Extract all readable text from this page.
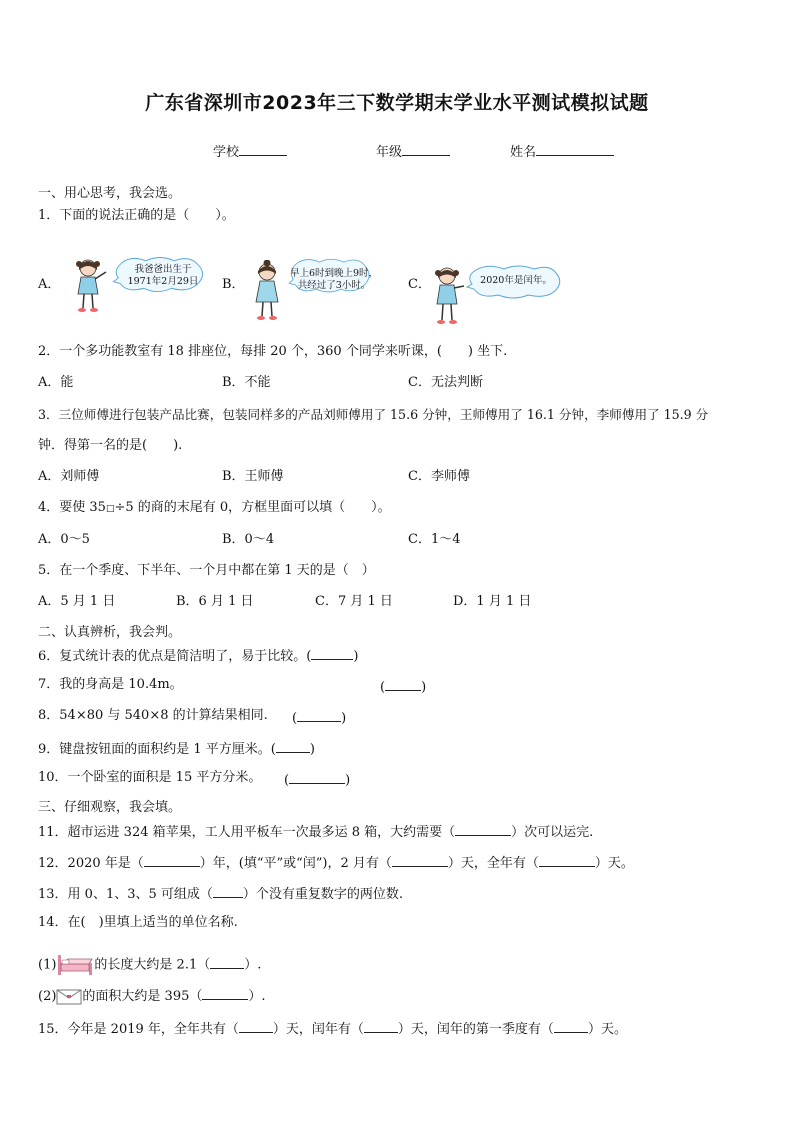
广东省深圳市2023年三下数学期末学业水平测试模拟试题
学校	年级	姓名
一、用心思考，我会选。
1．下面的说法正确的是（　　）。
A．
我爸爸出生于
1971年2月29日	B．
早上6时到晚上9时，
共经过了3小时。	C．	2020年是闰年。
2．一个多功能教室有 18 排座位，每排 20 个，360 个同学来听课，(　　) 坐下.
A．能	B．不能	C．无法判断
3．三位师傅进行包装产品比赛，包装同样多的产品刘师傅用了 15.6 分钟，王师傅用了 16.1 分钟，李师傅用了 15.9 分
钟．得第一名的是(　　).
A．刘师傅	B．王师傅	C．李师傅
4．要使 35□÷5 的商的末尾有 0，方框里面可以填（　　）。
A．0～5	B．0～4	C．1～4
5．在一个季度、下半年、一个月中都在第 1 天的是（　）
A．5 月 1 日	B．6 月 1 日	C．7 月 1 日	D．1 月 1 日
二、认真辨析，我会判。
6．复式统计表的优点是简洁明了，易于比较。(	)
7．我的身高是 10.4m。	(	)
8．54×80 与 540×8 的计算结果相同. (	)
9．键盘按钮面的面积约是 1 平方厘米。(	)
10．一个卧室的面积是 15 平方分米。 (	)
三、仔细观察，我会填。
11．超市运进 324 箱苹果，工人用平板车一次最多运 8 箱，大约需要（	）次可以运完.
12．2020 年是（	）年，(填“平”或“闰”)，2 月有（	）天，全年有（	）天。
13．用 0、1、3、5 可组成（ ）个没有重复数字的两位数.
14．在(　)里填上适当的单位名称.
(1)	的长度大约是 2.1（	）.
(2) 的面积大约是 395（	）.
15．今年是 2019 年，全年共有（	）天，闰年有（	）天，闰年的第一季度有（	）天。
